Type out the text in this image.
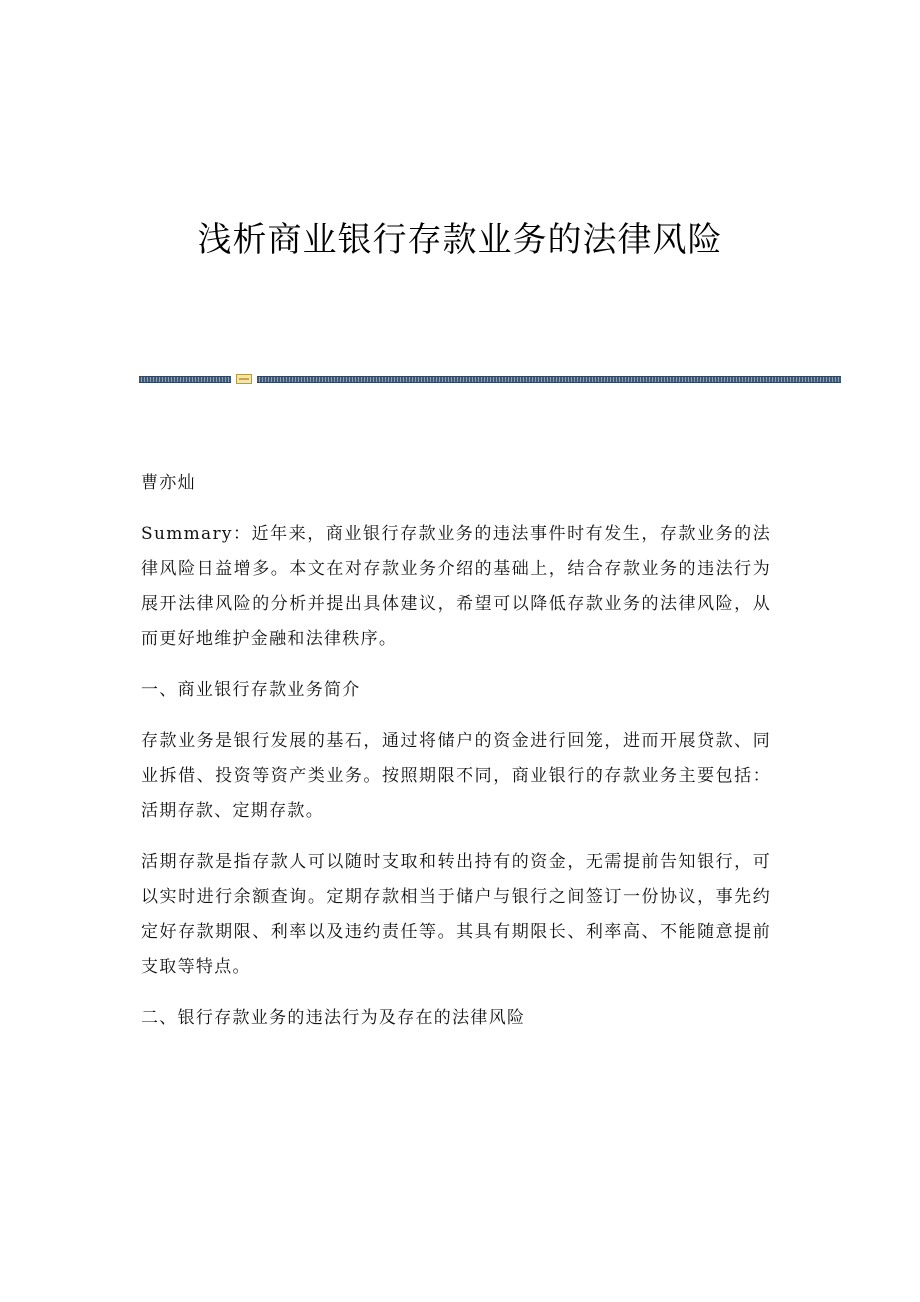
浅析商业银行存款业务的法律风险

曹亦灿

Summary：近年来，商业银行存款业务的违法事件时有发生，存款业务的法律风险日益增多。本文在对存款业务介绍的基础上，结合存款业务的违法行为展开法律风险的分析并提出具体建议，希望可以降低存款业务的法律风险，从而更好地维护金融和法律秩序。

一、商业银行存款业务简介

存款业务是银行发展的基石，通过将储户的资金进行回笼，进而开展贷款、同业拆借、投资等资产类业务。按照期限不同，商业银行的存款业务主要包括：活期存款、定期存款。

活期存款是指存款人可以随时支取和转出持有的资金，无需提前告知银行，可以实时进行余额查询。定期存款相当于储户与银行之间签订一份协议，事先约定好存款期限、利率以及违约责任等。其具有期限长、利率高、不能随意提前支取等特点。

二、银行存款业务的违法行为及存在的法律风险
